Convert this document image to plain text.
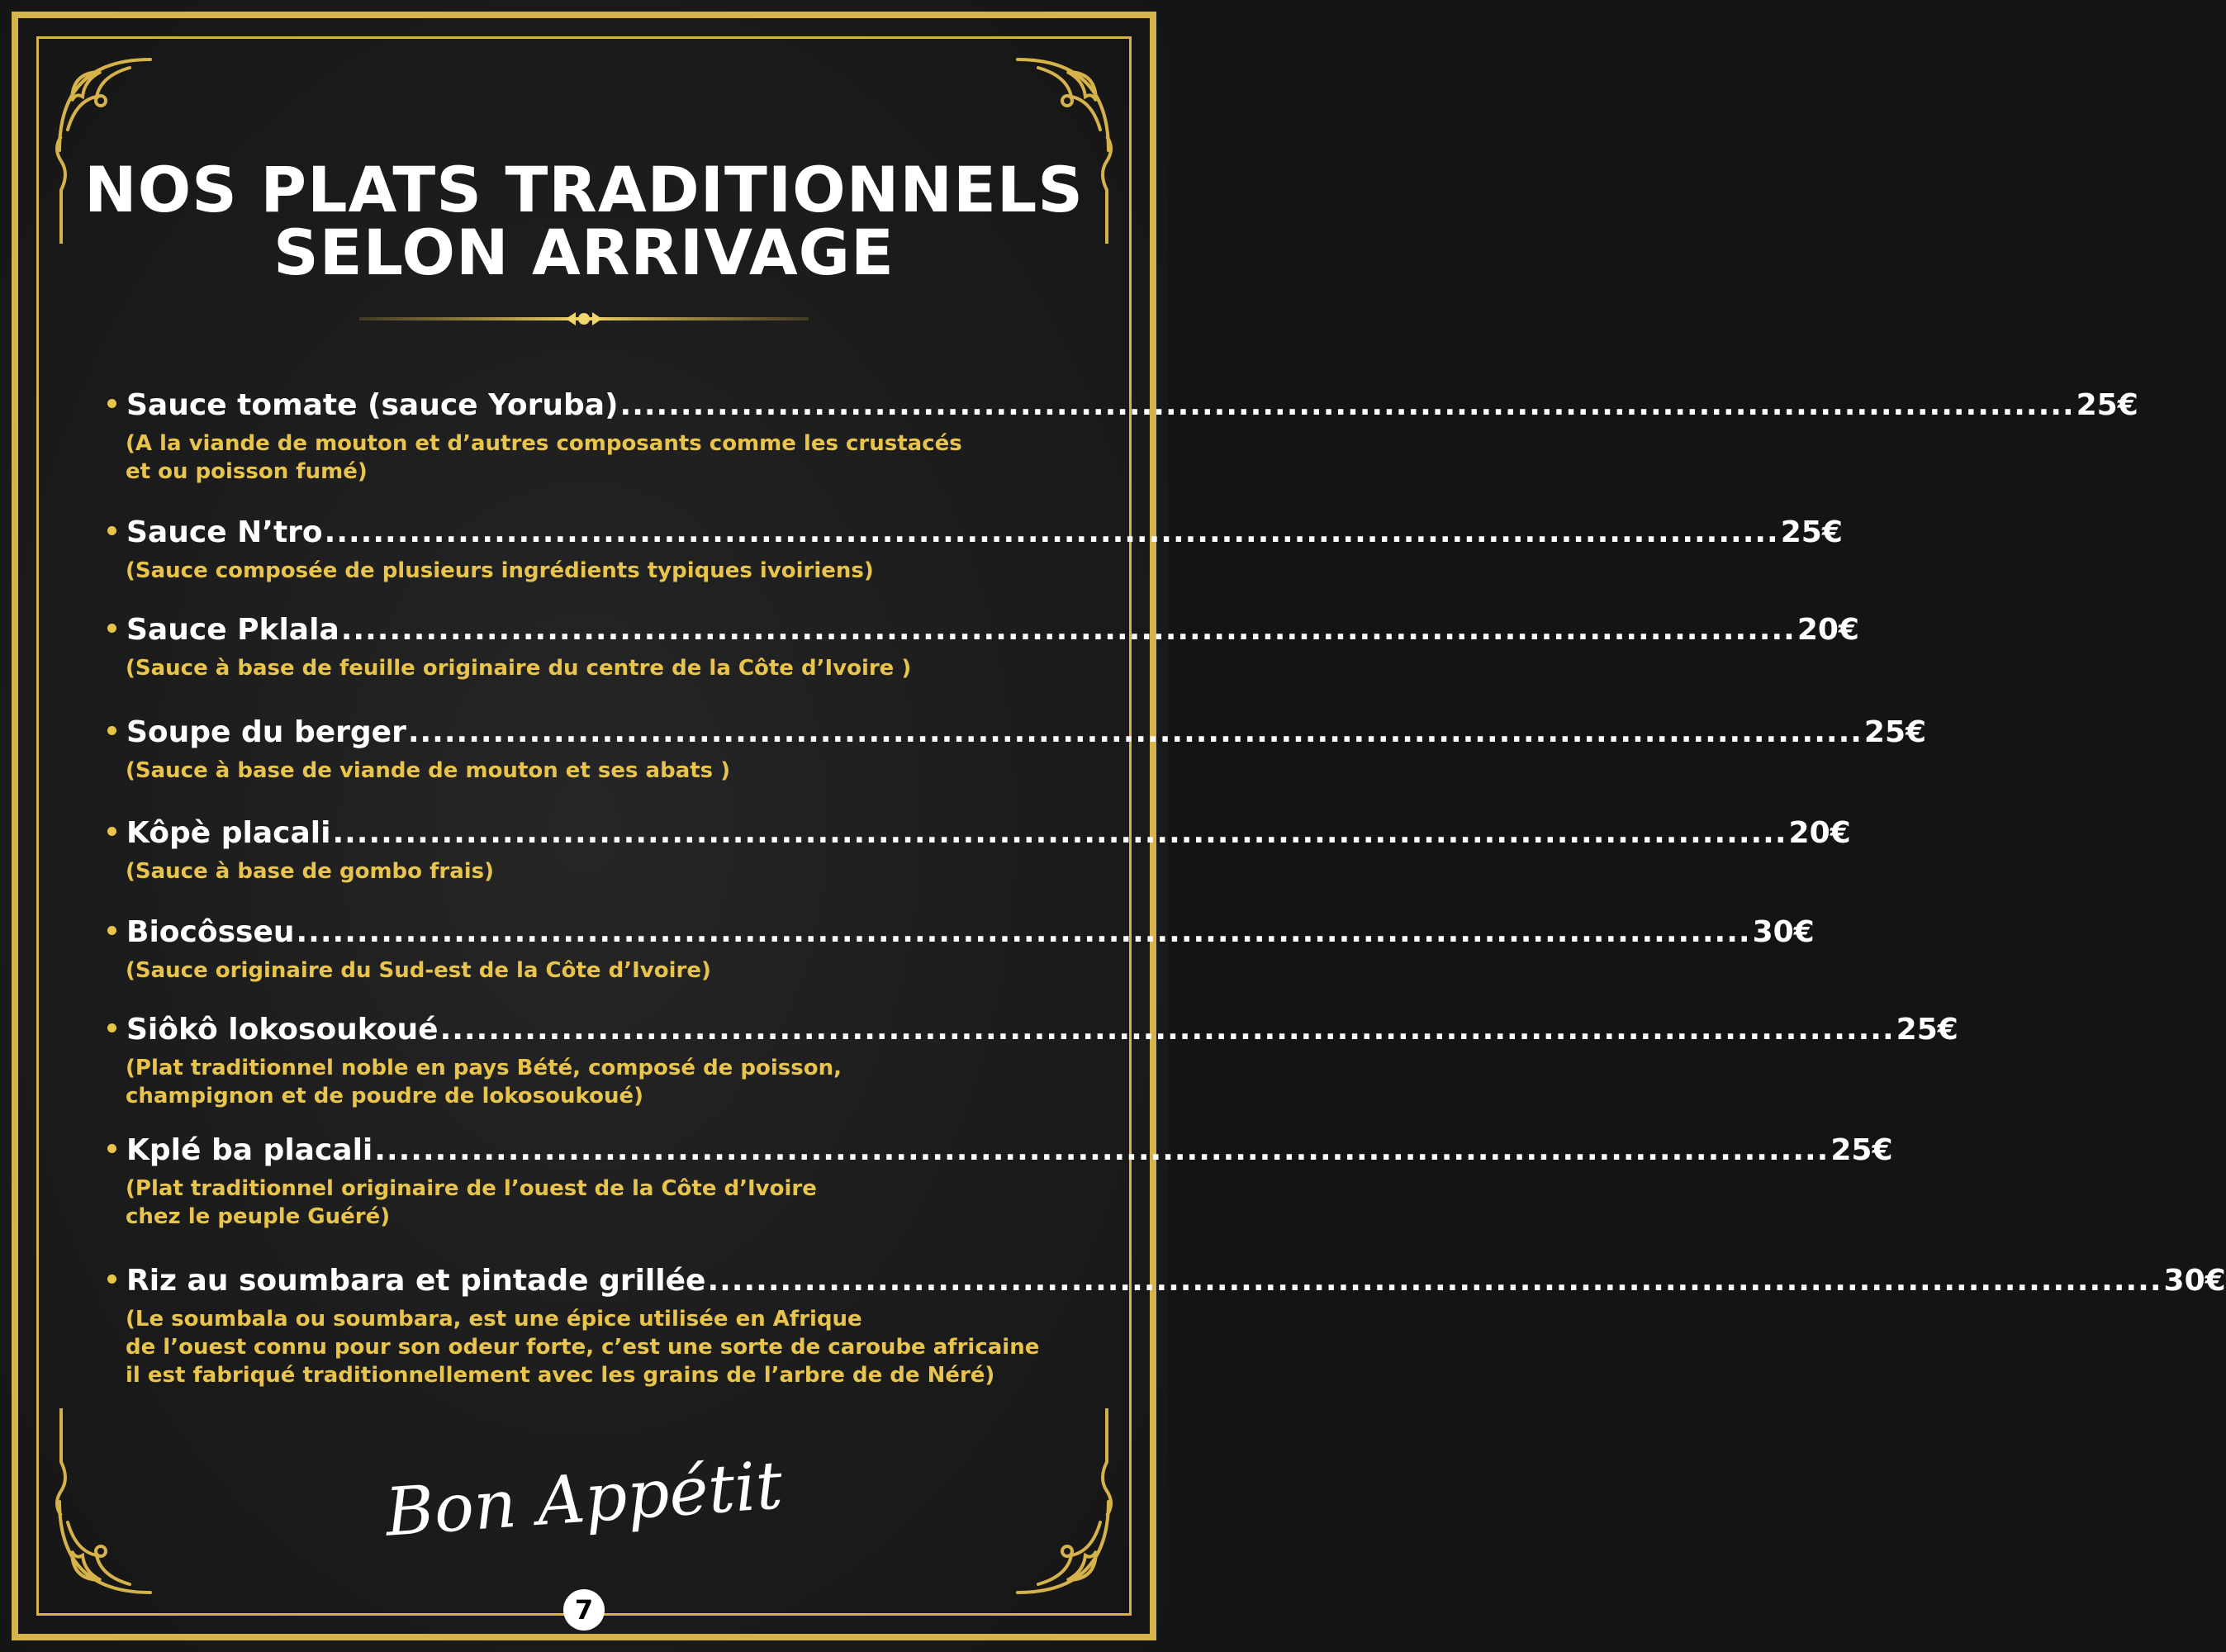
NOS PLATS TRADITIONNELS
SELON ARRIVAGE
Sauce tomate (sauce Yoruba) ........................................................................................................................ 25€
(A la viande de mouton et d’autres composants comme les crustacés
et ou poisson fumé)
Sauce N’tro ........................................................................................................................ 25€
(Sauce composée de plusieurs ingrédients typiques ivoiriens)
Sauce Pklala ........................................................................................................................ 20€
(Sauce à base de feuille originaire du centre de la Côte d’Ivoire )
Soupe du berger ........................................................................................................................ 25€
(Sauce à base de viande de mouton et ses abats )
Kôpè placali ........................................................................................................................ 20€
(Sauce à base de gombo frais)
Biocôsseu ........................................................................................................................ 30€
(Sauce originaire du Sud-est de la Côte d’Ivoire)
Siôkô lokosoukoué ........................................................................................................................ 25€
(Plat traditionnel noble en pays Bété, composé de poisson,
champignon et de poudre de lokosoukoué)
Kplé ba placali ........................................................................................................................ 25€
(Plat traditionnel originaire de l’ouest de la Côte d’Ivoire
chez le peuple Guéré)
Riz au soumbara et pintade grillée ........................................................................................................................ 30€
(Le soumbala ou soumbara, est une épice utilisée en Afrique
de l’ouest connu pour son odeur forte, c’est une sorte de caroube africaine
il est fabriqué traditionnellement avec les grains de l’arbre de de Néré)
Bon Appétit
7
